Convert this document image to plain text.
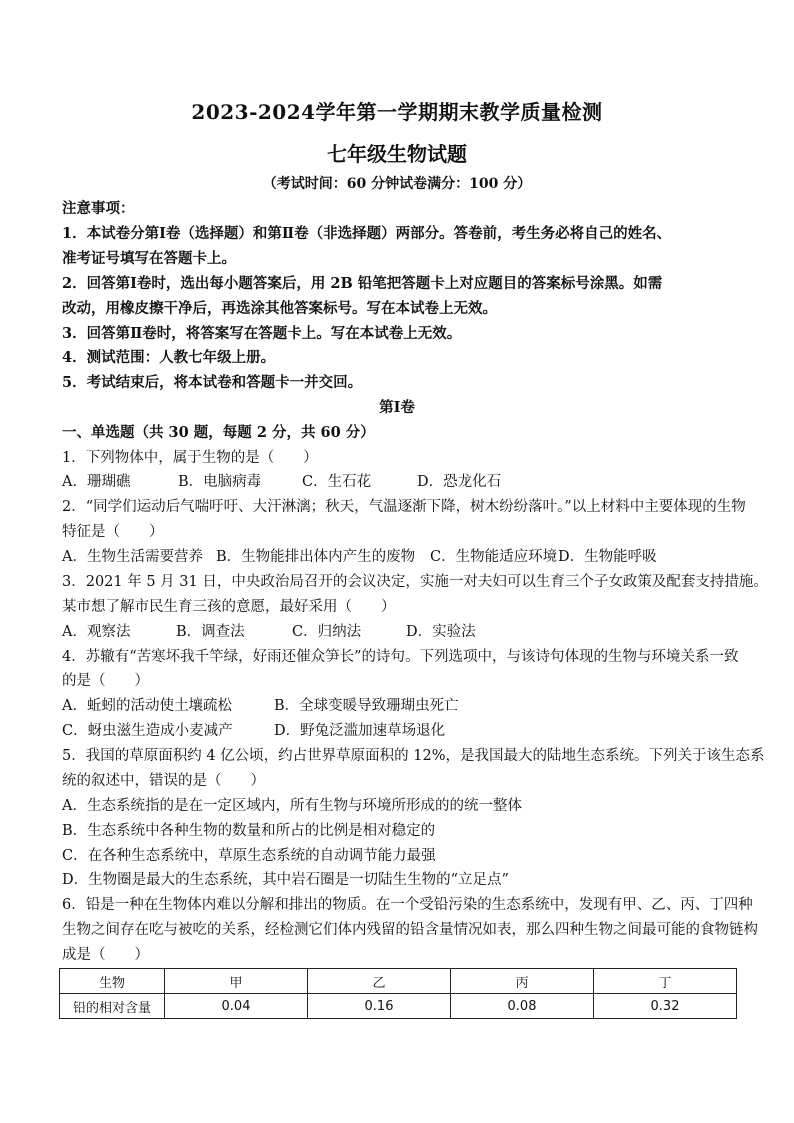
2023-2024学年第一学期期末教学质量检测
七年级生物试题
（考试时间：60 分钟试卷满分：100 分）
注意事项：
1．本试卷分第Ⅰ卷（选择题）和第Ⅱ卷（非选择题）两部分。答卷前，考生务必将自己的姓名、
准考证号填写在答题卡上。
2．回答第Ⅰ卷时，选出每小题答案后，用 2B 铅笔把答题卡上对应题目的答案标号涂黑。如需
改动，用橡皮擦干净后，再选涂其他答案标号。写在本试卷上无效。
3．回答第Ⅱ卷时，将答案写在答题卡上。写在本试卷上无效。
4．测试范围：人教七年级上册。
5．考试结束后，将本试卷和答题卡一并交回。
第Ⅰ卷
一、单选题（共 30 题，每题 2 分，共 60 分）
1．下列物体中，属于生物的是（　　）
A．珊瑚礁	B．电脑病毒	C．生石花	D．恐龙化石
2．“同学们运动后气喘吁吁、大汗淋漓；秋天，气温逐渐下降，树木纷纷落叶。”以上材料中主要体现的生物
特征是（　　）
A．生物生活需要营养 B．生物能排出体内产生的废物 C．生物能适应环境D．生物能呼吸
3．2021 年 5 月 31 日，中央政治局召开的会议决定，实施一对夫妇可以生育三个子女政策及配套支持措施。
某市想了解市民生育三孩的意愿，最好采用（　　）
A．观察法	B．调查法	C．归纳法	D．实验法
4．苏辙有“苦寒坏我千竿绿，好雨还催众笋长”的诗句。下列选项中，与该诗句体现的生物与环境关系一致
的是（　　）
A．蚯蚓的活动使土壤疏松	B．全球变暖导致珊瑚虫死亡
C．蚜虫滋生造成小麦减产	D．野兔泛滥加速草场退化
5．我国的草原面积约 4 亿公顷，约占世界草原面积的 12%，是我国最大的陆地生态系统。下列关于该生态系
统的叙述中，错误的是（　　）
A．生态系统指的是在一定区域内，所有生物与环境所形成的的统一整体
B．生态系统中各种生物的数量和所占的比例是相对稳定的
C．在各种生态系统中，草原生态系统的自动调节能力最强
D．生物圈是最大的生态系统，其中岩石圈是一切陆生生物的“立足点”
6．铅是一种在生物体内难以分解和排出的物质。在一个受铅污染的生态系统中，发现有甲、乙、丙、丁四种
生物之间存在吃与被吃的关系，经检测它们体内残留的铅含量情况如表，那么四种生物之间最可能的食物链构
成是（　　）
生物	甲	乙	丙	丁
铅的相对含量	0.04	0.16	0.08	0.32
